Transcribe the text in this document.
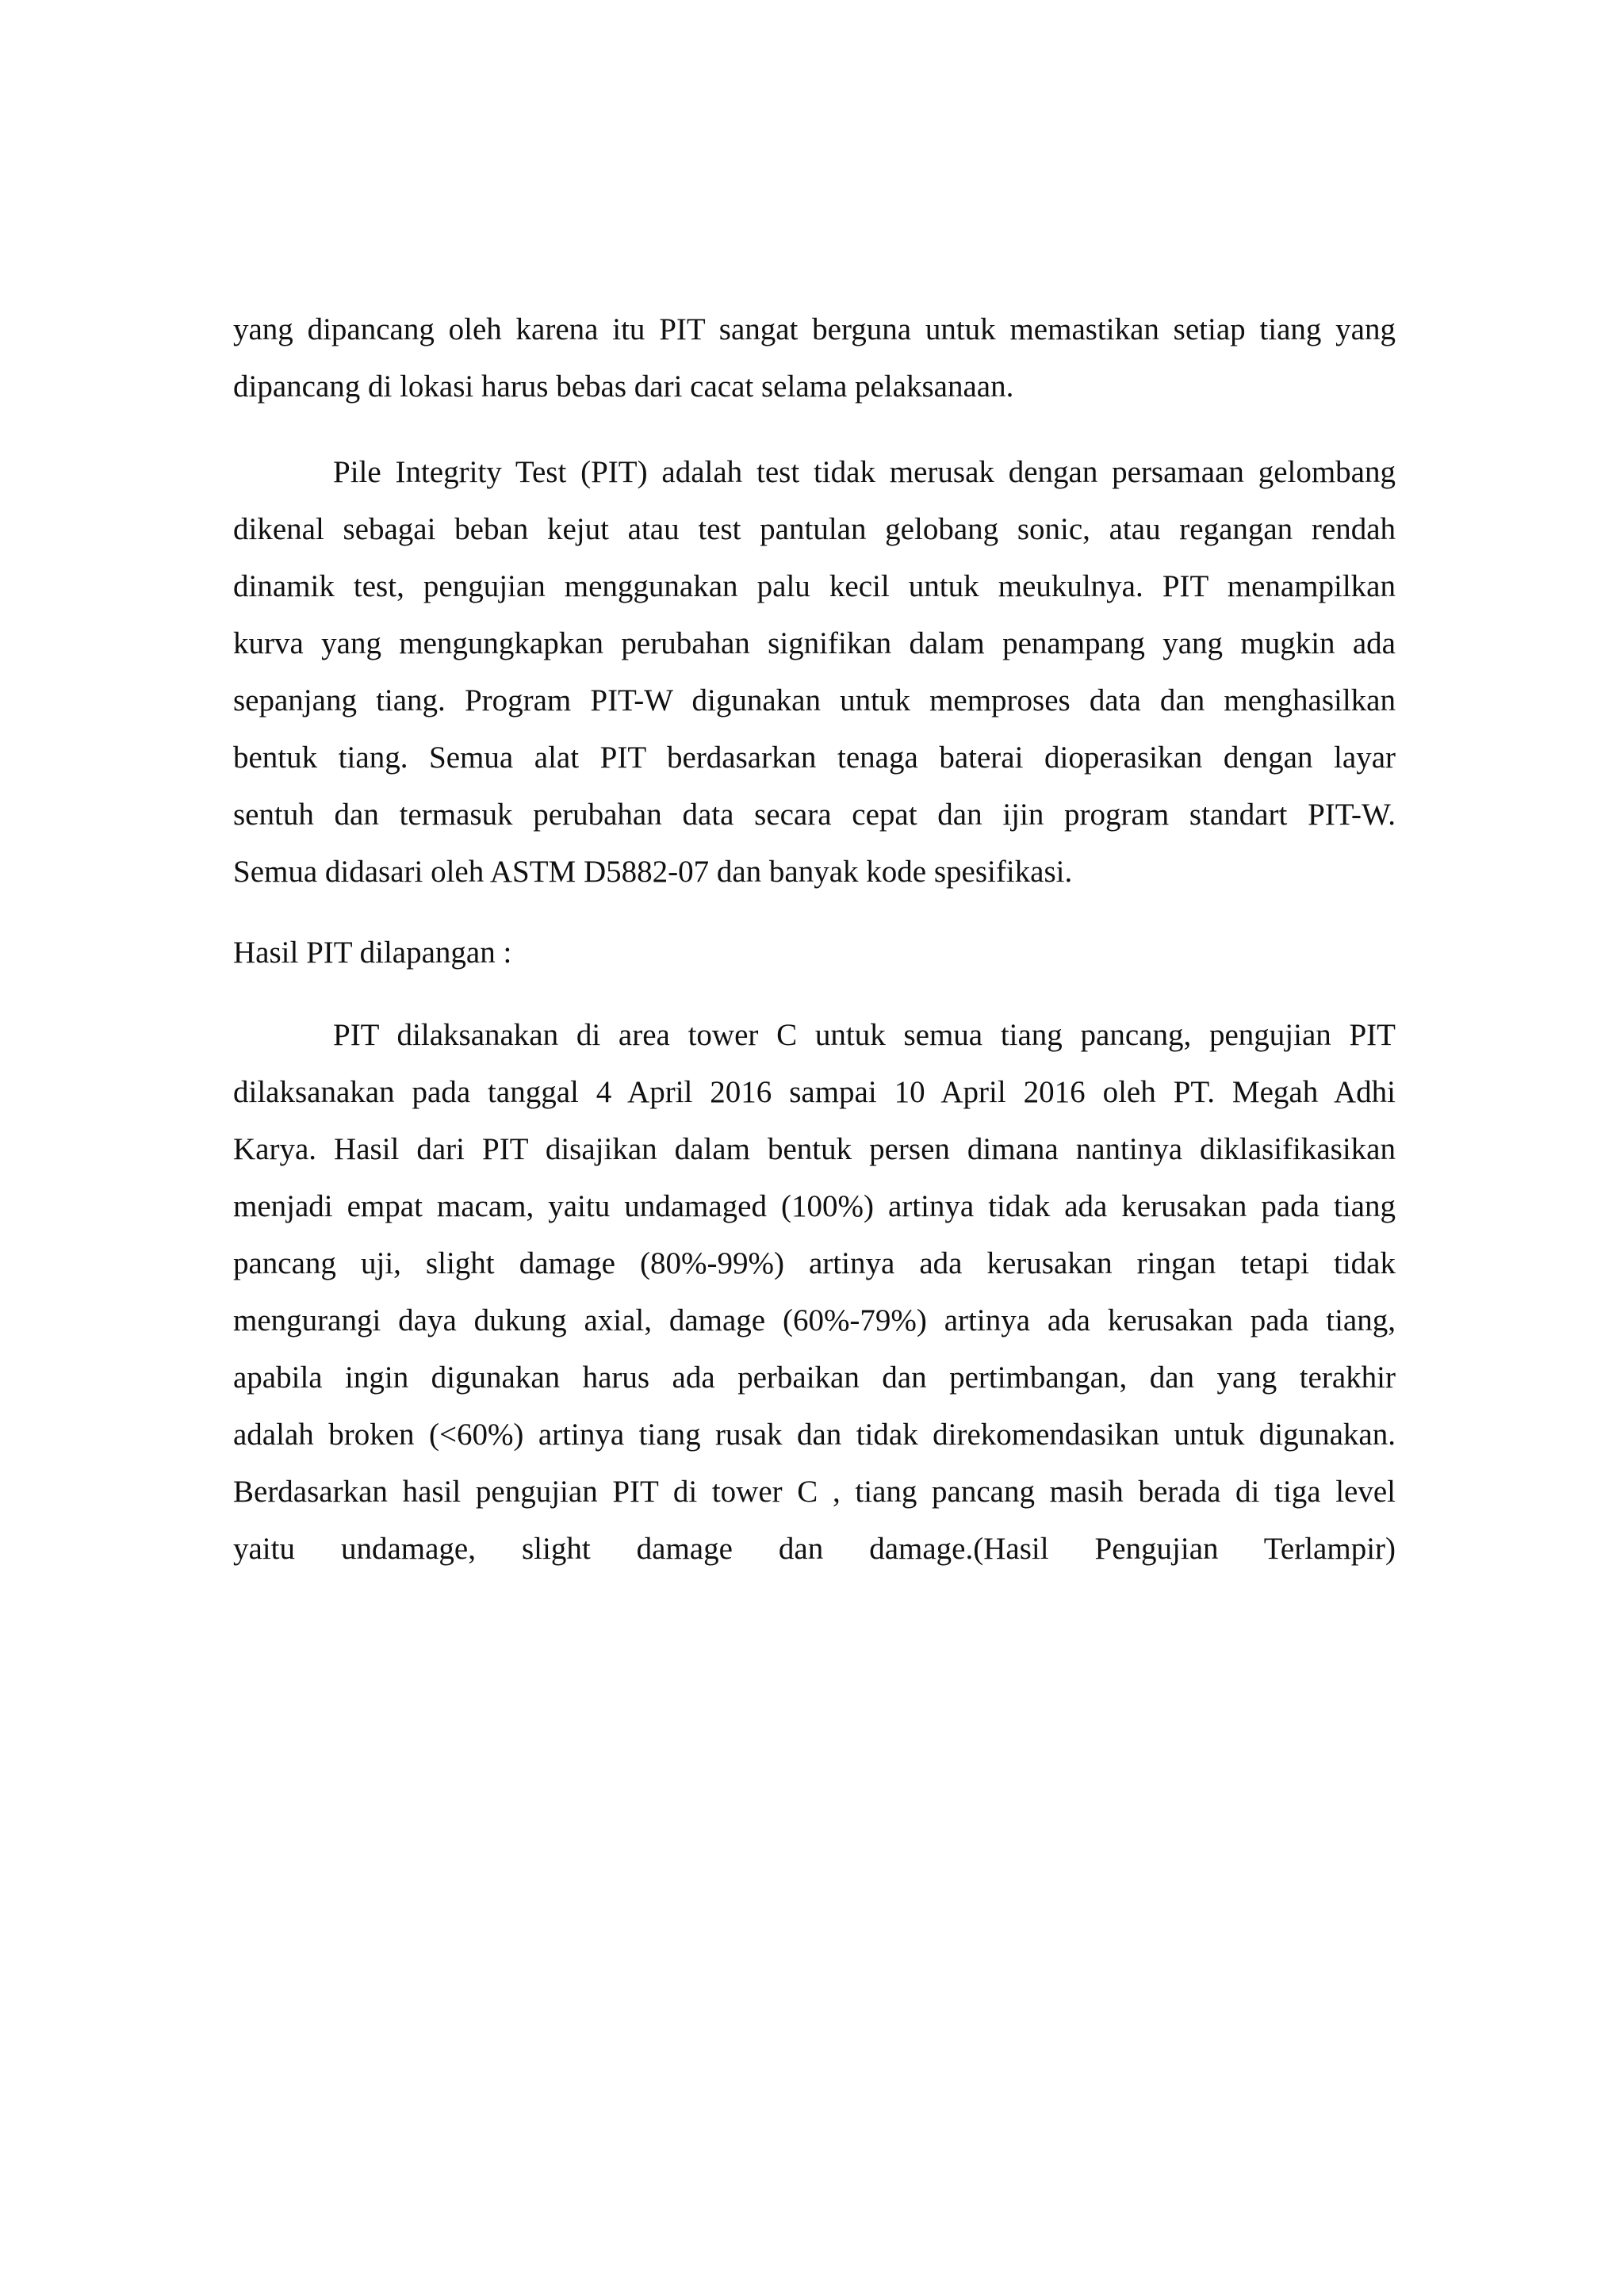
yang dipancang oleh karena itu PIT sangat berguna untuk memastikan setiap tiang yang
dipancang di lokasi harus bebas dari cacat selama pelaksanaan.
Pile Integrity Test (PIT) adalah test tidak merusak dengan persamaan gelombang
dikenal sebagai beban kejut atau test pantulan gelobang sonic, atau regangan rendah
dinamik test, pengujian menggunakan palu kecil untuk meukulnya. PIT menampilkan
kurva yang mengungkapkan perubahan signifikan dalam penampang yang mugkin ada
sepanjang tiang. Program PIT-W digunakan untuk memproses data dan menghasilkan
bentuk tiang. Semua alat PIT berdasarkan tenaga baterai dioperasikan dengan layar
sentuh dan termasuk perubahan data secara cepat dan ijin program standart PIT-W.
Semua didasari oleh ASTM D5882-07 dan banyak kode spesifikasi.
Hasil PIT dilapangan :
PIT dilaksanakan di area tower C untuk semua tiang pancang, pengujian PIT
dilaksanakan pada tanggal 4 April 2016 sampai 10 April 2016 oleh PT. Megah Adhi
Karya. Hasil dari PIT disajikan dalam bentuk persen dimana nantinya diklasifikasikan
menjadi empat macam, yaitu undamaged (100%) artinya tidak ada kerusakan pada tiang
pancang uji, slight damage (80%-99%) artinya ada kerusakan ringan tetapi tidak
mengurangi daya dukung axial, damage (60%-79%) artinya ada kerusakan pada tiang,
apabila ingin digunakan harus ada perbaikan dan pertimbangan, dan yang terakhir
adalah broken (<60%) artinya tiang rusak dan tidak direkomendasikan untuk digunakan.
Berdasarkan hasil pengujian PIT di tower C , tiang pancang masih berada di tiga level
yaitu undamage, slight damage dan damage.(Hasil Pengujian Terlampir)
